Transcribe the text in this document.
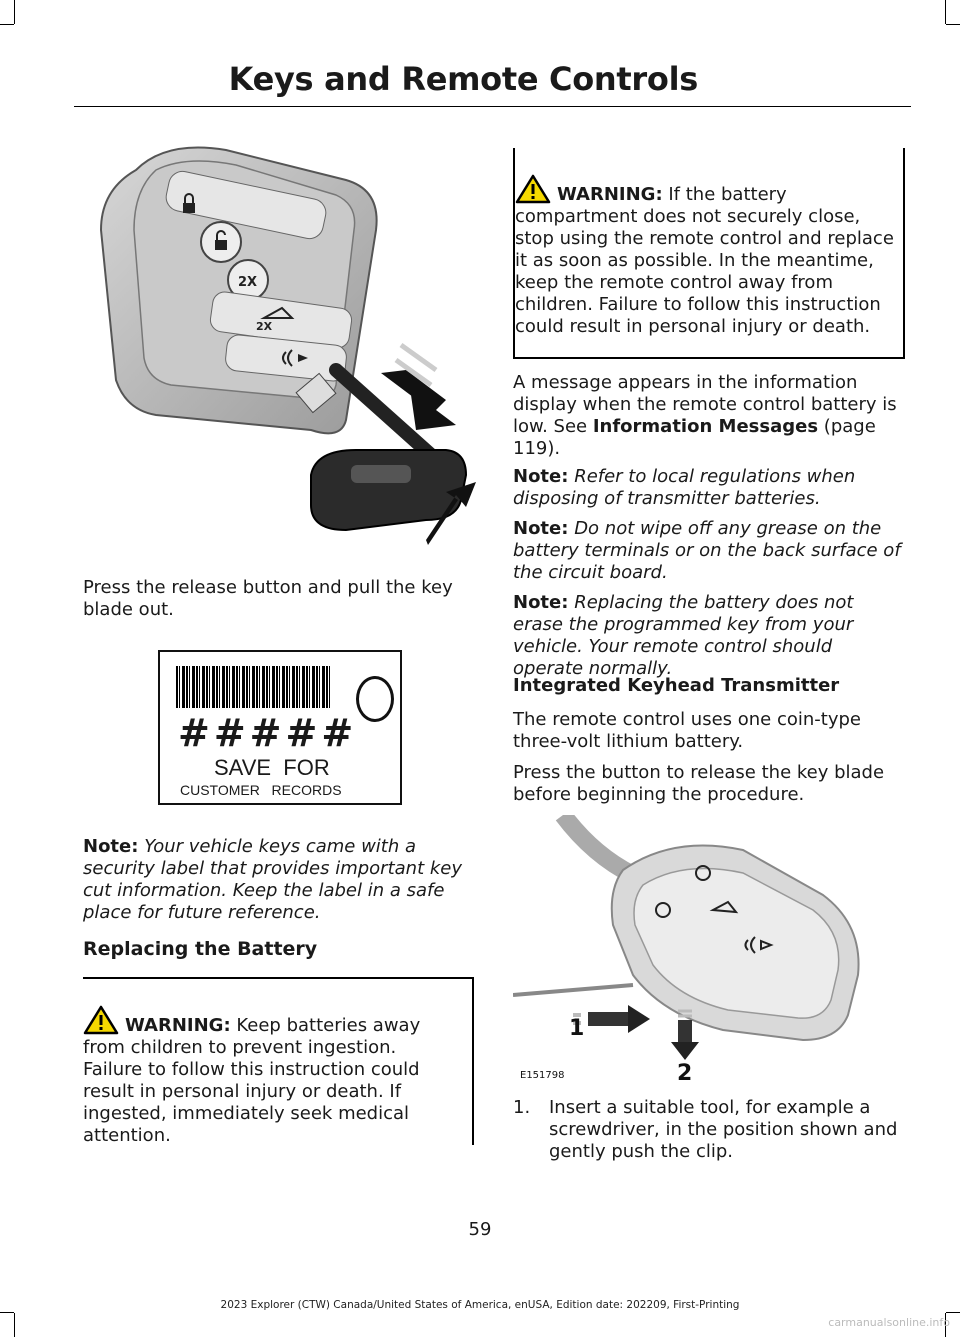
Keys and Remote Controls
2X
2X
Press the release button and pull the key blade out.
#####
SAVE  FOR
CUSTOMER   RECORDS
Note: Your vehicle keys came with a security label that provides important key cut information. Keep the label in a safe place for future reference.
Replacing the Battery
WARNING: Keep batteries away from children to prevent ingestion. Failure to follow this instruction could result in personal injury or death. If ingested, immediately seek medical attention.
WARNING: If the battery compartment does not securely close, stop using the remote control and replace it as soon as possible. In the meantime, keep the remote control away from children. Failure to follow this instruction could result in personal injury or death.
A message appears in the information display when the remote control battery is low. See Information Messages (page 119).
Note: Refer to local regulations when disposing of transmitter batteries.
Note: Do not wipe off any grease on the battery terminals or on the back surface of the circuit board.
Note: Replacing the battery does not erase the programmed key from your vehicle. Your remote control should operate normally.
Integrated Keyhead Transmitter
The remote control uses one coin-type three-volt lithium battery.
Press the button to release the key blade before beginning the procedure.
1
2
E151798
1. Insert a suitable tool, for example a screwdriver, in the position shown and gently push the clip.
59
2023 Explorer (CTW) Canada/United States of America, enUSA, Edition date: 202209, First-Printing
carmanualsonline.info
